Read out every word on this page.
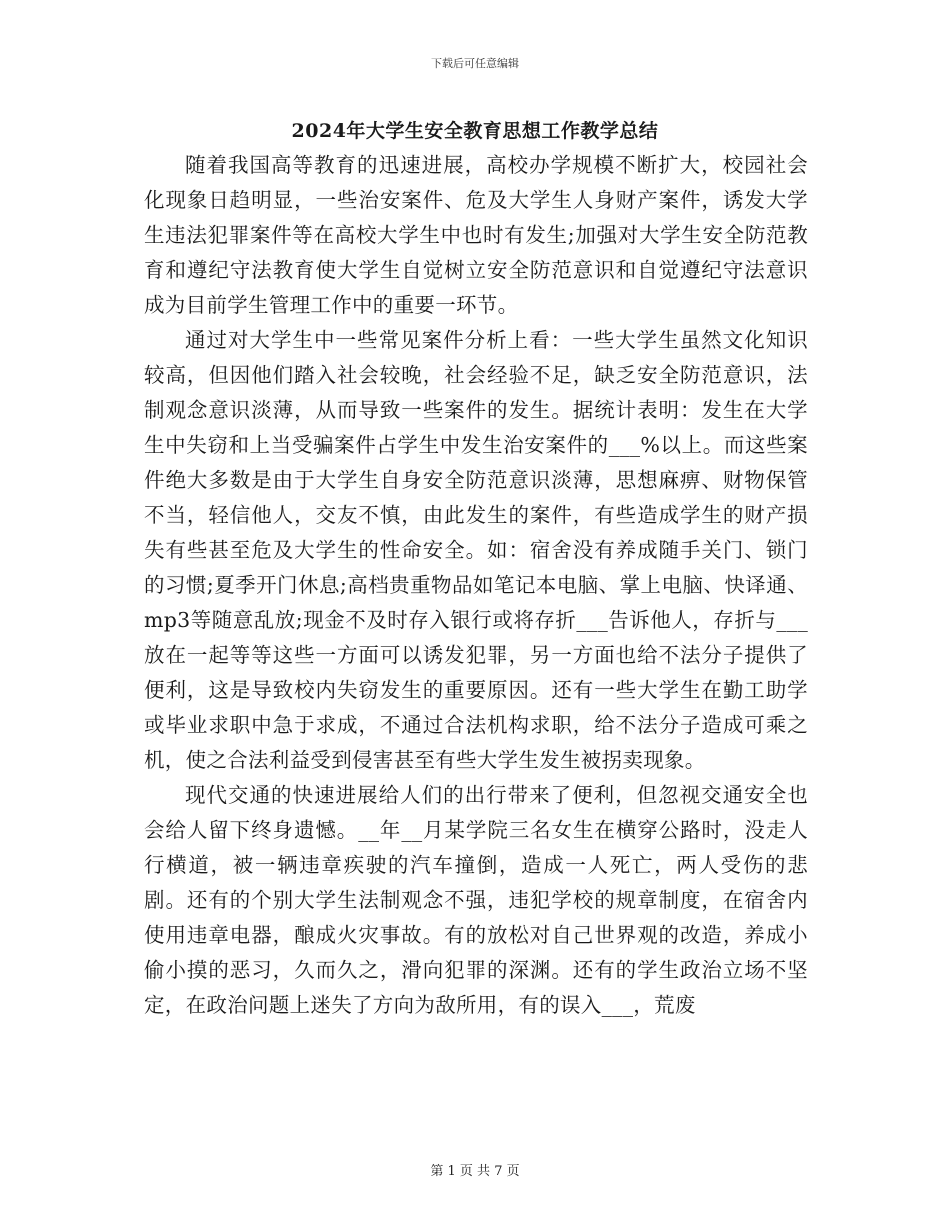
下载后可任意编辑
2024年大学生安全教育思想工作教学总结

随着我国高等教育的迅速进展，高校办学规模不断扩大，校园社会化现象日趋明显，一些治安案件、危及大学生人身财产案件，诱发大学生违法犯罪案件等在高校大学生中也时有发生;加强对大学生安全防范教育和遵纪守法教育使大学生自觉树立安全防范意识和自觉遵纪守法意识成为目前学生管理工作中的重要一环节。

通过对大学生中一些常见案件分析上看：一些大学生虽然文化知识较高，但因他们踏入社会较晚，社会经验不足，缺乏安全防范意识，法制观念意识淡薄，从而导致一些案件的发生。据统计表明：发生在大学生中失窃和上当受骗案件占学生中发生治安案件的___%以上。而这些案件绝大多数是由于大学生自身安全防范意识淡薄，思想麻痹、财物保管不当，轻信他人，交友不慎，由此发生的案件，有些造成学生的财产损失有些甚至危及大学生的性命安全。如：宿舍没有养成随手关门、锁门的习惯;夏季开门休息;高档贵重物品如笔记本电脑、掌上电脑、快译通、mp3等随意乱放;现金不及时存入银行或将存折___告诉他人，存折与___放在一起等等这些一方面可以诱发犯罪，另一方面也给不法分子提供了便利，这是导致校内失窃发生的重要原因。还有一些大学生在勤工助学或毕业求职中急于求成，不通过合法机构求职，给不法分子造成可乘之机，使之合法利益受到侵害甚至有些大学生发生被拐卖现象。

现代交通的快速进展给人们的出行带来了便利，但忽视交通安全也会给人留下终身遗憾。__年__月某学院三名女生在横穿公路时，没走人行横道，被一辆违章疾驶的汽车撞倒，造成一人死亡，两人受伤的悲剧。还有的个别大学生法制观念不强，违犯学校的规章制度，在宿舍内使用违章电器，酿成火灾事故。有的放松对自己世界观的改造，养成小偷小摸的恶习，久而久之，滑向犯罪的深渊。还有的学生政治立场不坚定，在政治问题上迷失了方向为敌所用，有的误入___，荒废

第 1 页 共 7 页
